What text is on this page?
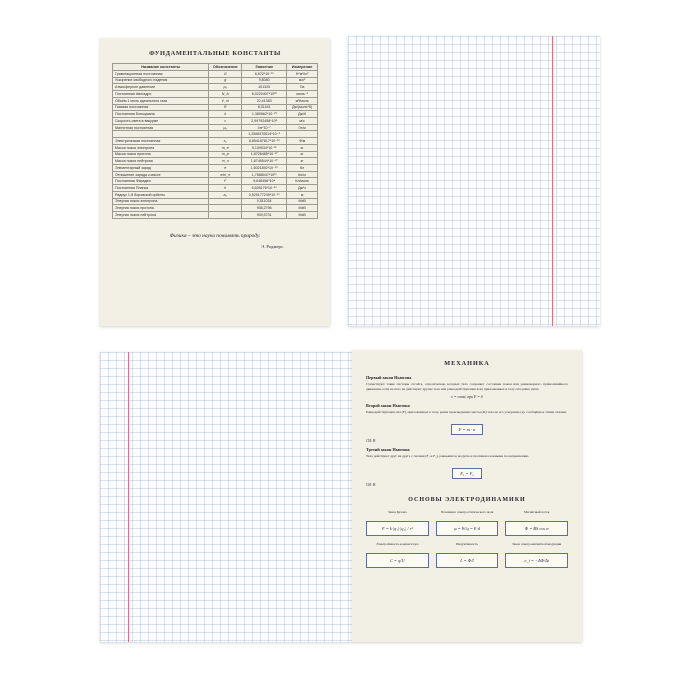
ФУНДАМЕНТАЛЬНЫЕ КОНСТАНТЫ
Название константы	Обозначение	Значение	Измерение
Гравитационная постоянная	G	6,672*10⁻¹¹	Н*м²/кг²
Ускорение свободного падения	g	9,8080	м/с²
Атмосферное давление	p₀	101325	Па
Постоянная Авогадро	N_A	6,0220407*10²³	моль⁻¹
Объём 1 моль идеального газа	V_m	22,41383	м³/моль
Газовая постоянная	R	8,31441	Дж/(моль*К)
Постоянная Больцмана	k	1,380662*10⁻²³	Дж/К
Скорость света в вакууме	c	2,99792458*10⁸	м/с
Магнитная постоянная	μ₀	4π*10⁻⁷	Гн/м
		1,2566370614*10⁻⁶	
Электрическая постоянная	ε₀	8,854187817*10⁻¹²	Ф/м
Масса покоя электрона	m_e	9,109534*10⁻³¹	кг
Масса покоя протона	m_p	1,6726485*10⁻²⁷	кг
Масса покоя нейтрона	m_n	1,6749544*10⁻²⁷	кг
Элементарный заряд	e	1,6021892*10⁻¹⁹	Кл
Отношение заряда к массе	e/m_e	1,7588047*10¹¹	Кл/кг
Постоянная Фарадея	F	9,648456*10⁴	Кл/моль
Постоянная Планка	h	6,626176*10⁻³⁴	Дж*с
Радиус 1-й боровской орбиты	a₀	0,529177249*10⁻¹⁰	м
Энергия покоя электрона		0,511034	МэВ
Энергия покоя протона		938,2796	МэВ
Энергия покоя нейтрона		939,5731	МэВ
Физика – это наука понимать природу.
Э. Роджерс.
МЕХАНИКА
Первый закон Ньютона

Существуют такие системы отсчёта, относительно которых тело сохраняет состояние покоя или равномерного прямолинейного движения, если на него не действуют другие тела или равнодействующая всех приложенных к телу сил равна нулю.

v = const, при F = 0
Второй закон Ньютона

Равнодействующая сил (F), приложенных к телу, равна произведению массы (m) тела на его ускорение (a), сообщённое этими силами.

F = m · a
СИ: Н
Третий закон Ньютона

Тела действуют друг на друга с силами (F₁ и F₂), равными по модулю и противоположными по направлению.

F₁ = F₂
СИ: Н
ОСНОВЫ ЭЛЕКТРОДИНАМИКИ
Закон Кулона
F = k·|q₁|·|q₂| / r²
Потенциал электростатического поля
φ = W/q = E·d
Магнитный поток
Φ = BS cos α
Электроёмкость конденсатора
C = q/U
Индуктивность
L = Φ/I
Закон электромагнитной индукции
e_i = −ΔΦ/Δt
